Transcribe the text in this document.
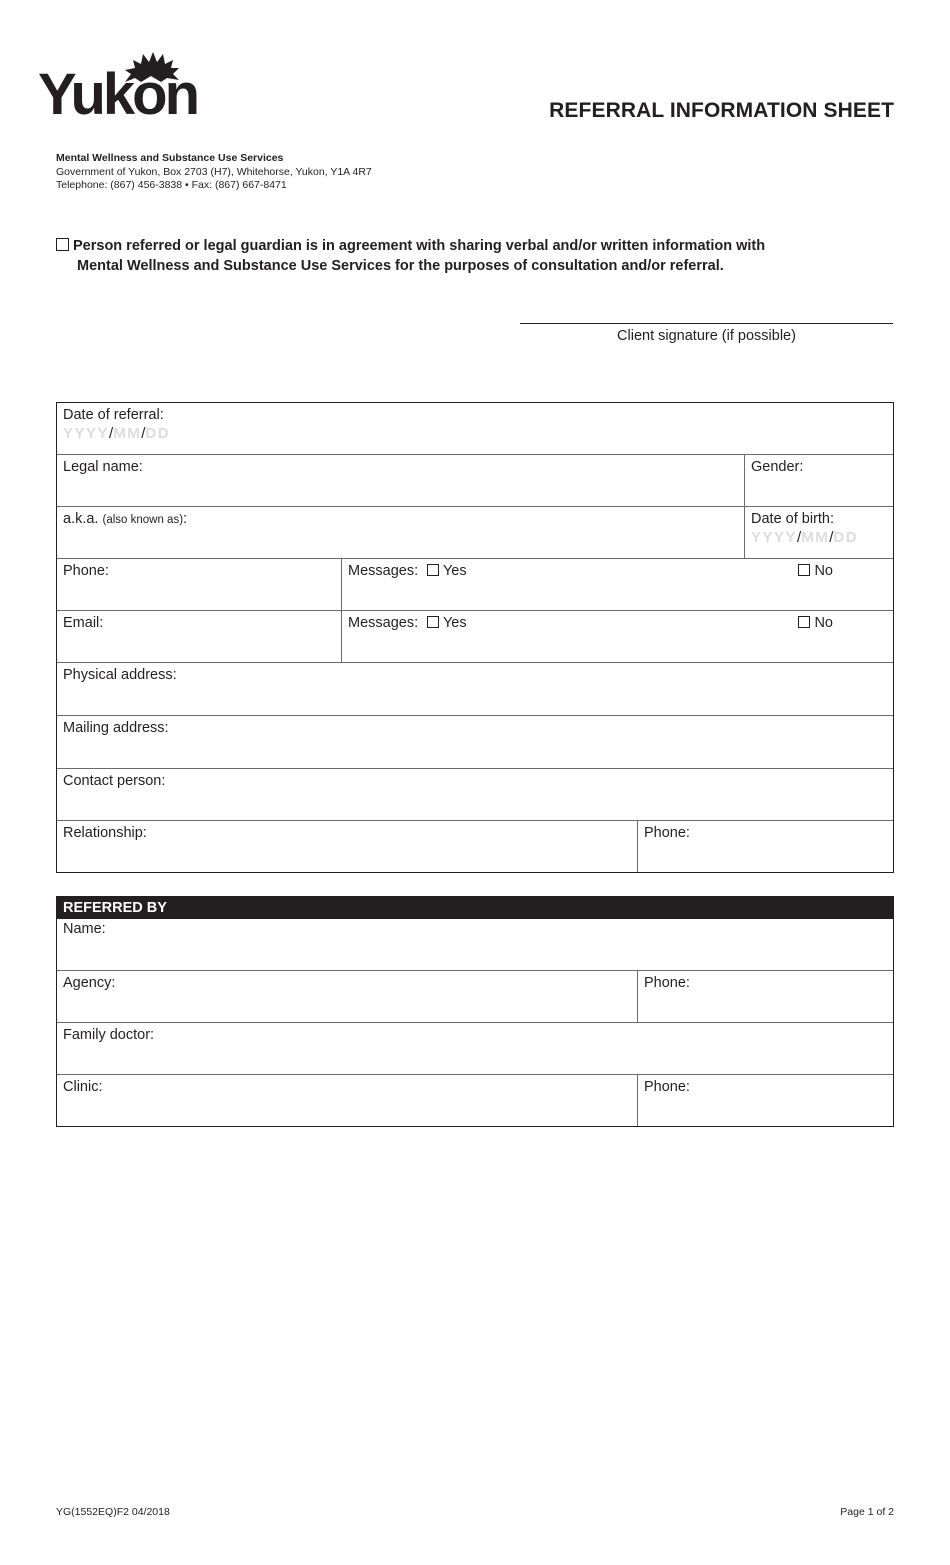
Yukon	REFERRAL INFORMATION SHEET
Mental Wellness and Substance Use Services
Government of Yukon, Box 2703 (H7), Whitehorse, Yukon, Y1A 4R7
Telephone: (867) 456-3838 • Fax: (867) 667-8471
Person referred or legal guardian is in agreement with sharing verbal and/or written information with
Mental Wellness and Substance Use Services for the purposes of consultation and/or referral.
Client signature (if possible)
Date of referral:
YYYY/MM/DD
Legal name:	Gender:
a.k.a. (also known as):	Date of birth:
YYYY/MM/DD
Phone:	Messages: Yes	No
Email:	Messages: Yes	No
Physical address:
Mailing address:
Contact person:
Relationship:	Phone:
REFERRED BY
Name:
Agency:	Phone:
Family doctor:
Clinic:	Phone:
YG(1552EQ)F2 04/2018	Page 1 of 2
